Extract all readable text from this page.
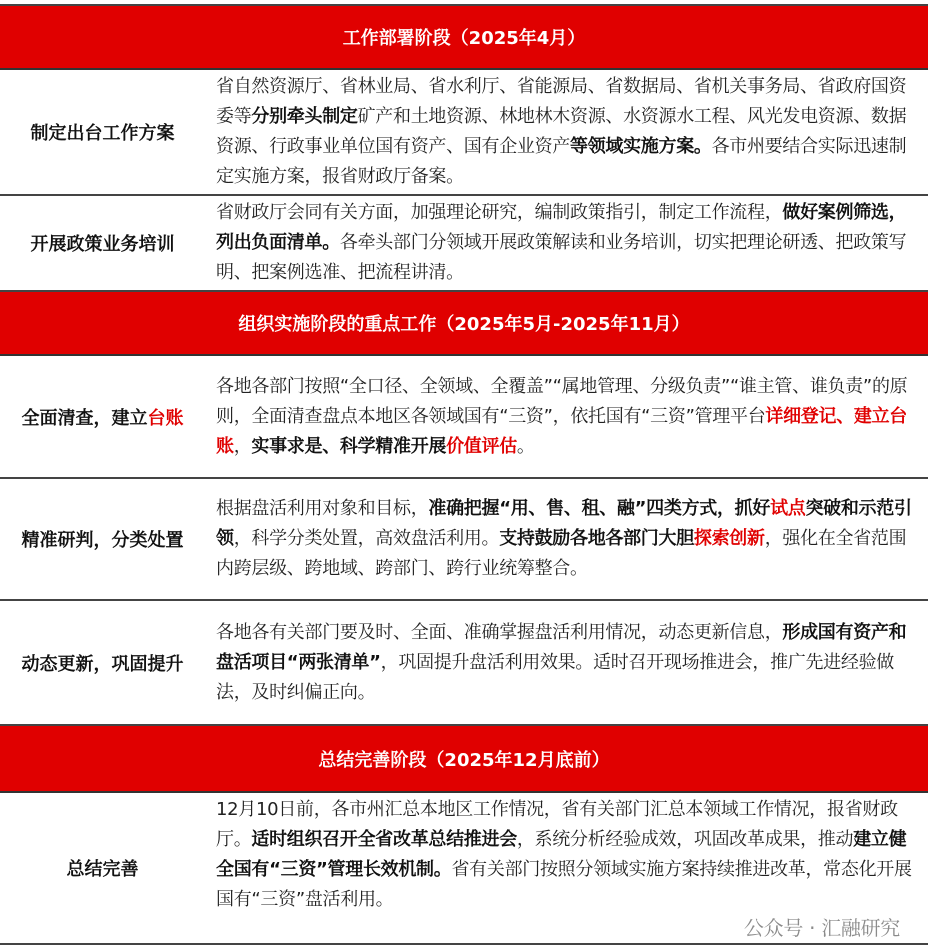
工作部署阶段（2025年4月）
制定出台工作方案
省自然资源厅、省林业局、省水利厅、省能源局、省数据局、省机关事务局、省政府国资委等分别牵头制定矿产和土地资源、林地林木资源、水资源水工程、风光发电资源、数据资源、行政事业单位国有资产、国有企业资产等领域实施方案。各市州要结合实际迅速制定实施方案，报省财政厅备案。
开展政策业务培训
省财政厅会同有关方面，加强理论研究，编制政策指引，制定工作流程，做好案例筛选，列出负面清单。各牵头部门分领域开展政策解读和业务培训，切实把理论研透、把政策写明、把案例选准、把流程讲清。
组织实施阶段的重点工作（2025年5月-2025年11月）
全面清查，建立台账
各地各部门按照“全口径、全领域、全覆盖”“属地管理、分级负责”“谁主管、谁负责”的原则，全面清查盘点本地区各领域国有“三资”，依托国有“三资”管理平台详细登记、建立台账，实事求是、科学精准开展价值评估。
精准研判，分类处置
根据盘活利用对象和目标，准确把握“用、售、租、融”四类方式，抓好试点突破和示范引领，科学分类处置，高效盘活利用。支持鼓励各地各部门大胆探索创新，强化在全省范围内跨层级、跨地域、跨部门、跨行业统筹整合。
动态更新，巩固提升
各地各有关部门要及时、全面、准确掌握盘活利用情况，动态更新信息，形成国有资产和盘活项目“两张清单”，巩固提升盘活利用效果。适时召开现场推进会，推广先进经验做法，及时纠偏正向。
总结完善阶段（2025年12月底前）
总结完善
12月10日前，各市州汇总本地区工作情况，省有关部门汇总本领域工作情况，报省财政厅。适时组织召开全省改革总结推进会，系统分析经验成效，巩固改革成果，推动建立健全国有“三资”管理长效机制。省有关部门按照分领域实施方案持续推进改革，常态化开展国有“三资”盘活利用。
公众号 · 汇融研究
